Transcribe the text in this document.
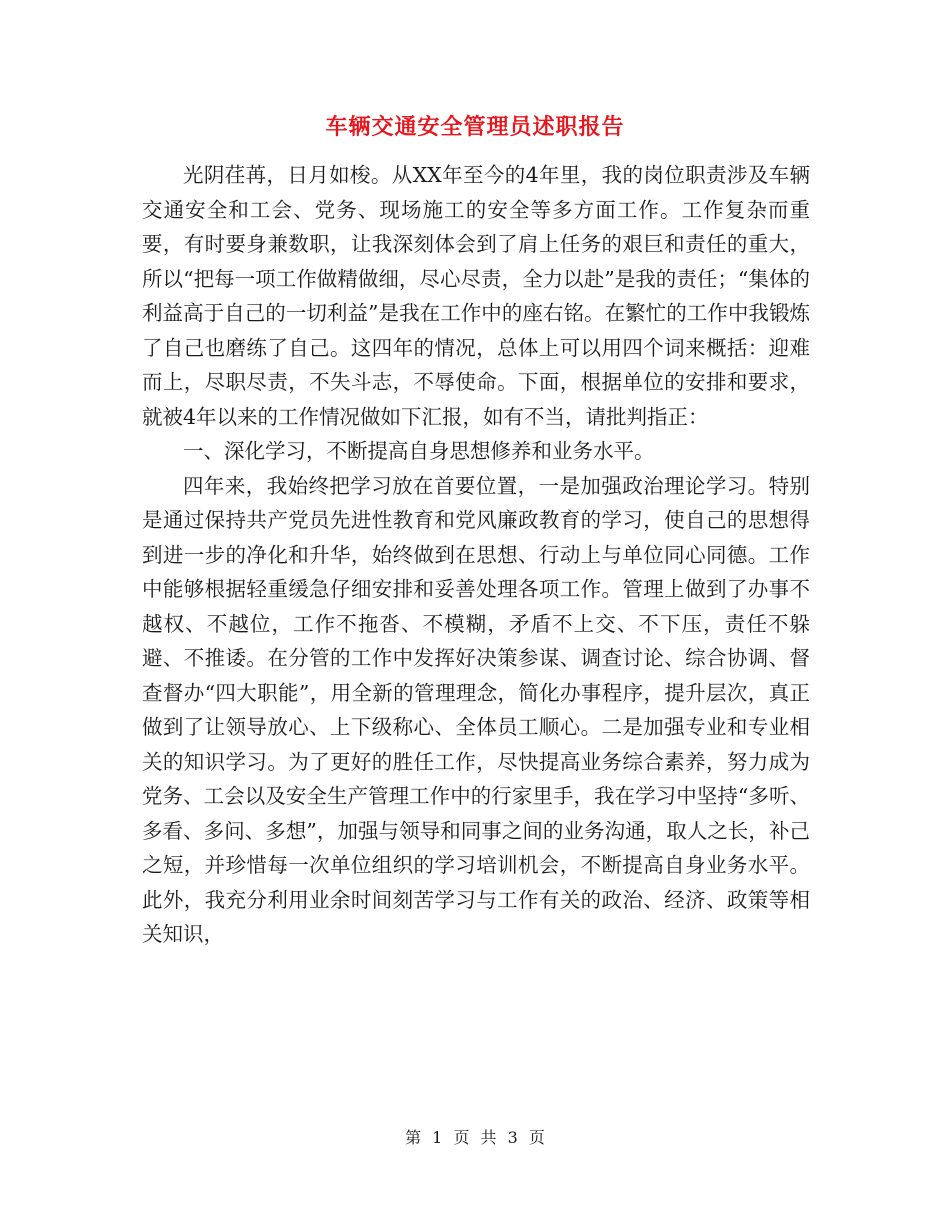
车辆交通安全管理员述职报告

光阴荏苒，日月如梭。从XX年至今的4年里，我的岗位职责涉及车辆交通安全和工会、党务、现场施工的安全等多方面工作。工作复杂而重要，有时要身兼数职，让我深刻体会到了肩上任务的艰巨和责任的重大，所以“把每一项工作做精做细，尽心尽责，全力以赴”是我的责任；“集体的利益高于自己的一切利益”是我在工作中的座右铭。在繁忙的工作中我锻炼了自己也磨练了自己。这四年的情况，总体上可以用四个词来概括：迎难而上，尽职尽责，不失斗志，不辱使命。下面，根据单位的安排和要求，就被4年以来的工作情况做如下汇报，如有不当，请批判指正：

一、深化学习，不断提高自身思想修养和业务水平。

四年来，我始终把学习放在首要位置，一是加强政治理论学习。特别是通过保持共产党员先进性教育和党风廉政教育的学习，使自己的思想得到进一步的净化和升华，始终做到在思想、行动上与单位同心同德。工作中能够根据轻重缓急仔细安排和妥善处理各项工作。管理上做到了办事不越权、不越位，工作不拖沓、不模糊，矛盾不上交、不下压，责任不躲避、不推诿。在分管的工作中发挥好决策参谋、调查讨论、综合协调、督查督办“四大职能”，用全新的管理理念，简化办事程序，提升层次，真正做到了让领导放心、上下级称心、全体员工顺心。二是加强专业和专业相关的知识学习。为了更好的胜任工作，尽快提高业务综合素养，努力成为党务、工会以及安全生产管理工作中的行家里手，我在学习中坚持“多听、多看、多问、多想”，加强与领导和同事之间的业务沟通，取人之长，补己之短，并珍惜每一次单位组织的学习培训机会，不断提高自身业务水平。此外，我充分利用业余时间刻苦学习与工作有关的政治、经济、政策等相关知识，

第 1 页 共 3 页
